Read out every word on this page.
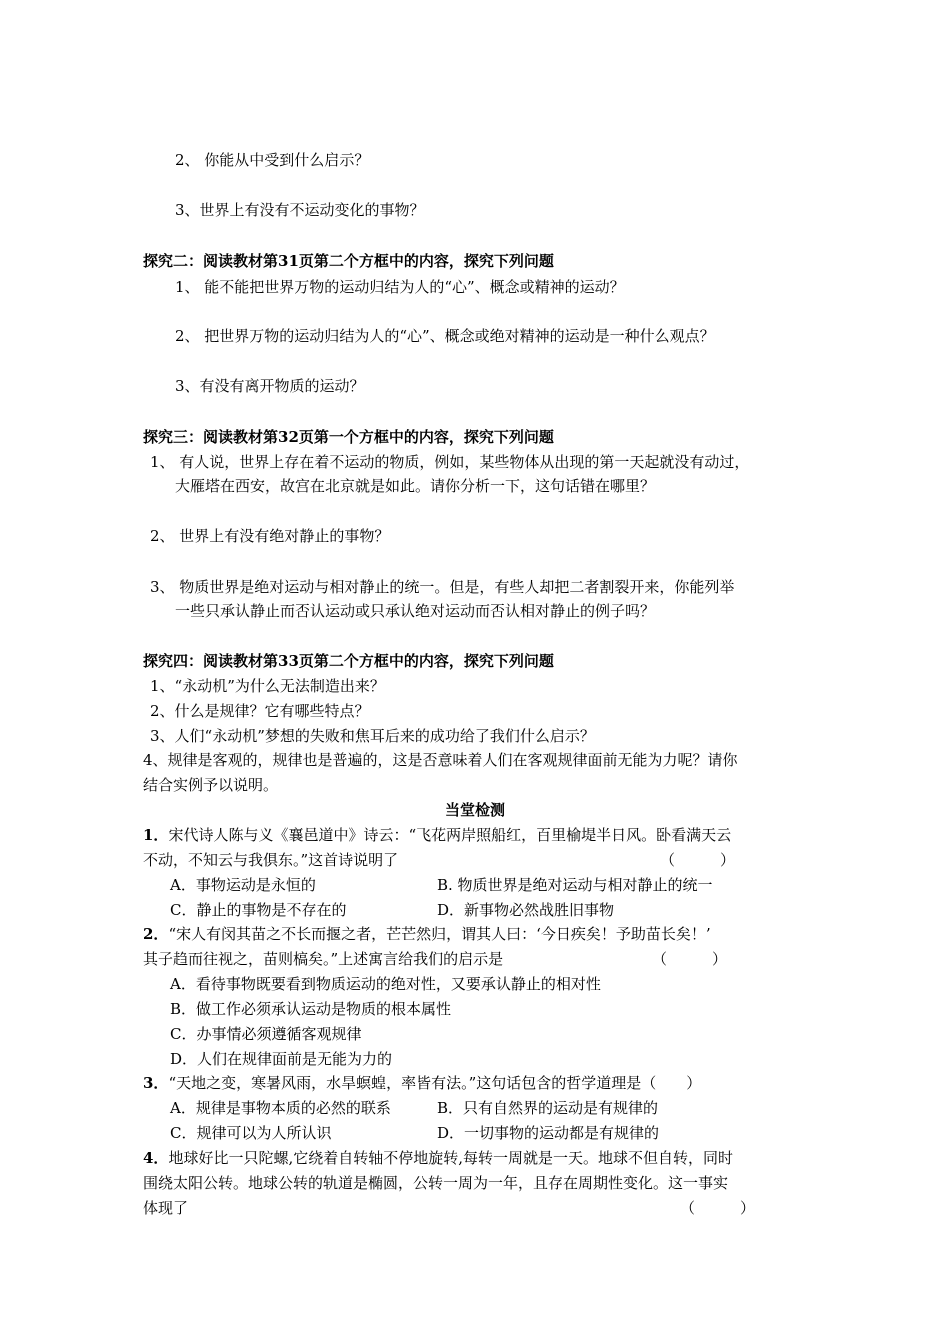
2、 你能从中受到什么启示？
3、世界上有没有不运动变化的事物？
探究二：阅读教材第31页第二个方框中的内容，探究下列问题
1、 能不能把世界万物的运动归结为人的“心”、概念或精神的运动？
2、 把世界万物的运动归结为人的“心”、概念或绝对精神的运动是一种什么观点？
3、有没有离开物质的运动？
探究三：阅读教材第32页第一个方框中的内容，探究下列问题
1、 有人说，世界上存在着不运动的物质，例如，某些物体从出现的第一天起就没有动过，
大雁塔在西安，故宫在北京就是如此。请你分析一下，这句话错在哪里？
2、 世界上有没有绝对静止的事物？
3、 物质世界是绝对运动与相对静止的统一。但是，有些人却把二者割裂开来，你能列举
一些只承认静止而否认运动或只承认绝对运动而否认相对静止的例子吗？
探究四：阅读教材第33页第二个方框中的内容，探究下列问题
1、“永动机”为什么无法制造出来？
2、什么是规律？它有哪些特点？
3、人们“永动机”梦想的失败和焦耳后来的成功给了我们什么启示？
4、规律是客观的，规律也是普遍的，这是否意味着人们在客观规律面前无能为力呢？请你
结合实例予以说明。
当堂检测
1．宋代诗人陈与义《襄邑道中》诗云：“飞花两岸照船红，百里榆堤半日风。卧看满天云
不动，不知云与我俱东。”这首诗说明了	（　　　）
A．事物运动是永恒的	B. 物质世界是绝对运动与相对静止的统一
C．静止的事物是不存在的	D．新事物必然战胜旧事物
2．“宋人有闵其苗之不长而揠之者，芒芒然归，谓其人曰：‘今日疾矣！予助苗长矣！’
其子趋而往视之，苗则槁矣。”上述寓言给我们的启示是	（　　　）
A．看待事物既要看到物质运动的绝对性，又要承认静止的相对性
B．做工作必须承认运动是物质的根本属性
C．办事情必须遵循客观规律
D．人们在规律面前是无能为力的
3．“天地之变，寒暑风雨，水旱螟蝗，率皆有法。”这句话包含的哲学道理是（　　）
A．规律是事物本质的必然的联系	B．只有自然界的运动是有规律的
C．规律可以为人所认识	D．一切事物的运动都是有规律的
4．地球好比一只陀螺,它绕着自转轴不停地旋转,每转一周就是一天。地球不但自转，同时
围绕太阳公转。地球公转的轨道是椭圆，公转一周为一年，且存在周期性变化。这一事实
体现了	（　　　）
